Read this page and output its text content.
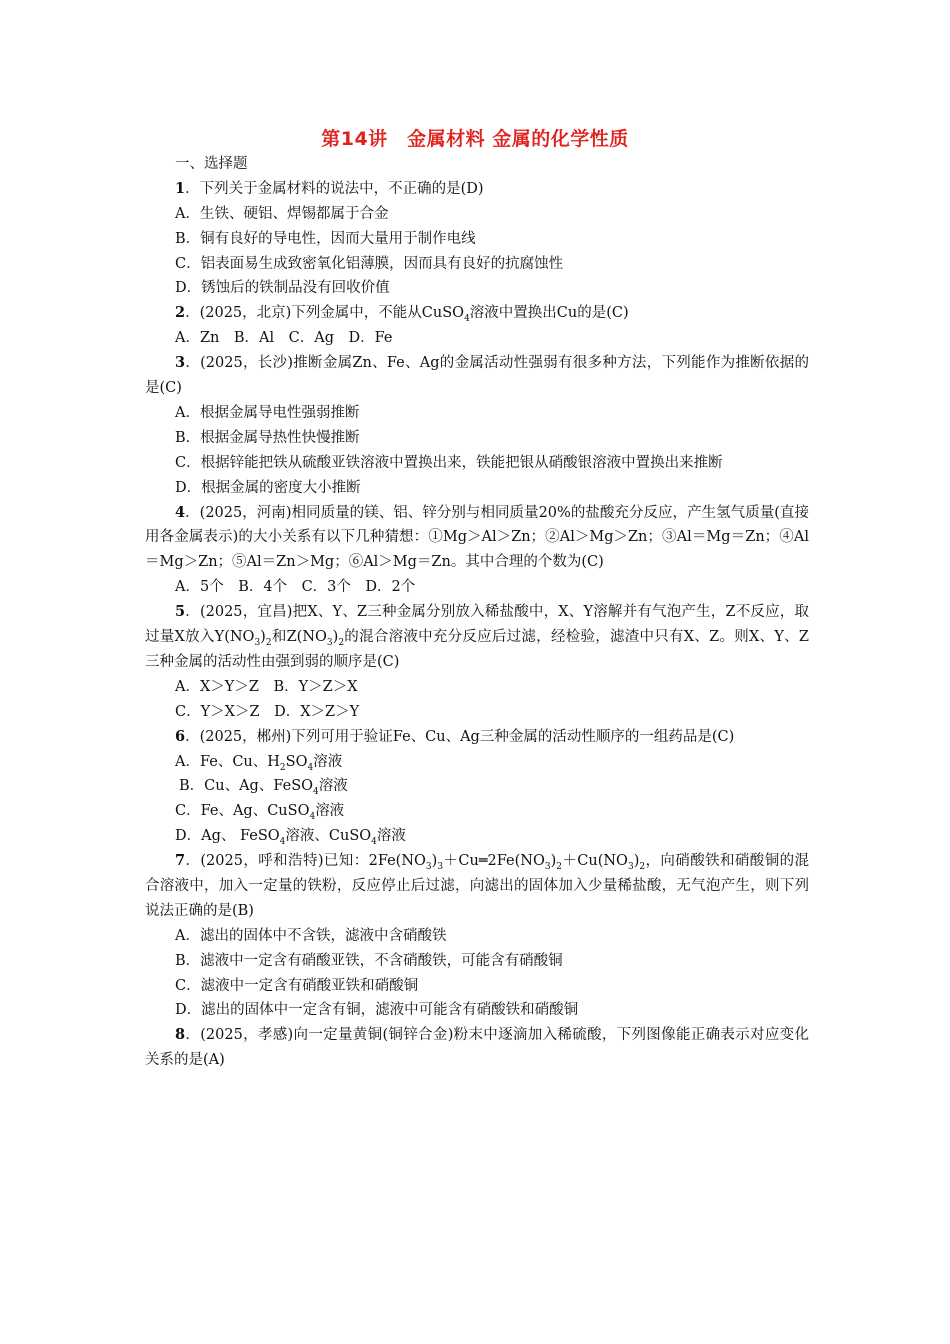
第14讲　金属材料 金属的化学性质
一、选择题
1．下列关于金属材料的说法中，不正确的是(D)
A．生铁、硬铝、焊锡都属于合金
B．铜有良好的导电性，因而大量用于制作电线
C．铝表面易生成致密氧化铝薄膜，因而具有良好的抗腐蚀性
D．锈蚀后的铁制品没有回收价值
2．(2025，北京)下列金属中，不能从CuSO$_4$溶液中置换出Cu的是(C)
A．Zn　B．Al　C．Ag　D．Fe
3．(2025，长沙)推断金属Zn、Fe、Ag的金属活动性强弱有很多种方法，下列能作为推断依据的是(C)
A．根据金属导电性强弱推断
B．根据金属导热性快慢推断
C．根据锌能把铁从硫酸亚铁溶液中置换出来，铁能把银从硝酸银溶液中置换出来推断
D．根据金属的密度大小推断
4．(2025，河南)相同质量的镁、铝、锌分别与相同质量20%的盐酸充分反应，产生氢气质量(直接用各金属表示)的大小关系有以下几种猜想：①Mg＞Al＞Zn；②Al＞Mg＞Zn；③Al＝Mg＝Zn；④Al＝Mg＞Zn；⑤Al＝Zn＞Mg；⑥Al＞Mg＝Zn。其中合理的个数为(C)
A．5个　B．4个　C．3个　D．2个
5．(2025，宜昌)把X、Y、Z三种金属分别放入稀盐酸中，X、Y溶解并有气泡产生，Z不反应，取过量X放入$Y(NO_3)_2$和$Z(NO_3)_2$的混合溶液中充分反应后过滤，经检验，滤渣中只有X、Z。则X、Y、Z三种金属的活动性由强到弱的顺序是(C)
A．X＞Y＞Z　B．Y＞Z＞X
C．Y＞X＞Z　D．X＞Z＞Y
6．(2025，郴州)下列可用于验证Fe、Cu、Ag三种金属的活动性顺序的一组药品是(C)
A．Fe、Cu、$H_2SO_4$溶液
B．Cu、Ag、FeSO$_4$溶液
C．Fe、Ag、CuSO$_4$溶液
D．Ag、 FeSO$_4$溶液、CuSO$_4$溶液
7．(2025，呼和浩特)已知：$2Fe(NO_3)_3+Cu═2Fe(NO_3)_2+Cu(NO_3)_2$，向硝酸铁和硝酸铜的混合溶液中，加入一定量的铁粉，反应停止后过滤，向滤出的固体加入少量稀盐酸，无气泡产生，则下列说法正确的是(B)
A．滤出的固体中不含铁，滤液中含硝酸铁
B．滤液中一定含有硝酸亚铁，不含硝酸铁，可能含有硝酸铜
C．滤液中一定含有硝酸亚铁和硝酸铜
D．滤出的固体中一定含有铜，滤液中可能含有硝酸铁和硝酸铜
8．(2025，孝感)向一定量黄铜(铜锌合金)粉末中逐滴加入稀硫酸，下列图像能正确表示对应变化关系的是(A)
